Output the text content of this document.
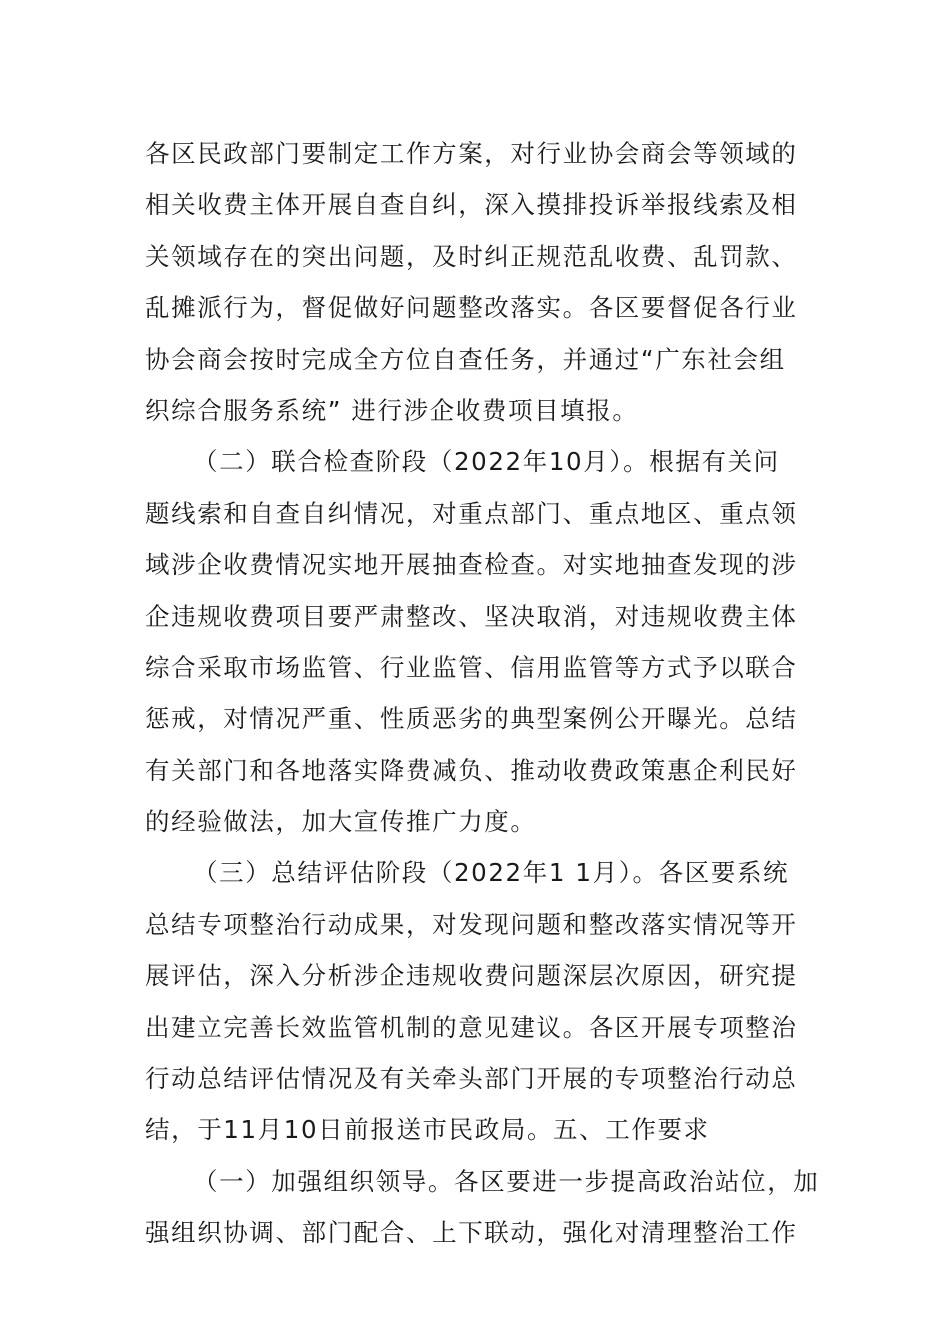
各区民政部门要制定工作方案，对行业协会商会等领域的
相关收费主体开展自查自纠，深入摸排投诉举报线索及相
关领域存在的突出问题，及时纠正规范乱收费、乱罚款、
乱摊派行为，督促做好问题整改落实。各区要督促各行业
协会商会按时完成全方位自查任务，并通过“广东社会组
织综合服务系统” 进行涉企收费项目填报。
（二）联合检查阶段（2022年10月）。根据有关问
题线索和自查自纠情况，对重点部门、重点地区、重点领
域涉企收费情况实地开展抽查检查。对实地抽查发现的涉
企违规收费项目要严肃整改、坚决取消，对违规收费主体
综合采取市场监管、行业监管、信用监管等方式予以联合
惩戒，对情况严重、性质恶劣的典型案例公开曝光。总结
有关部门和各地落实降费减负、推动收费政策惠企利民好
的经验做法，加大宣传推广力度。
（三）总结评估阶段（2022年1 1月）。各区要系统
总结专项整治行动成果，对发现问题和整改落实情况等开
展评估，深入分析涉企违规收费问题深层次原因，研究提
出建立完善长效监管机制的意见建议。各区开展专项整治
行动总结评估情况及有关牵头部门开展的专项整治行动总
结，于11月10日前报送市民政局。五、工作要求
（一）加强组织领导。各区要进一步提高政治站位，加
强组织协调、部门配合、上下联动，强化对清理整治工作
